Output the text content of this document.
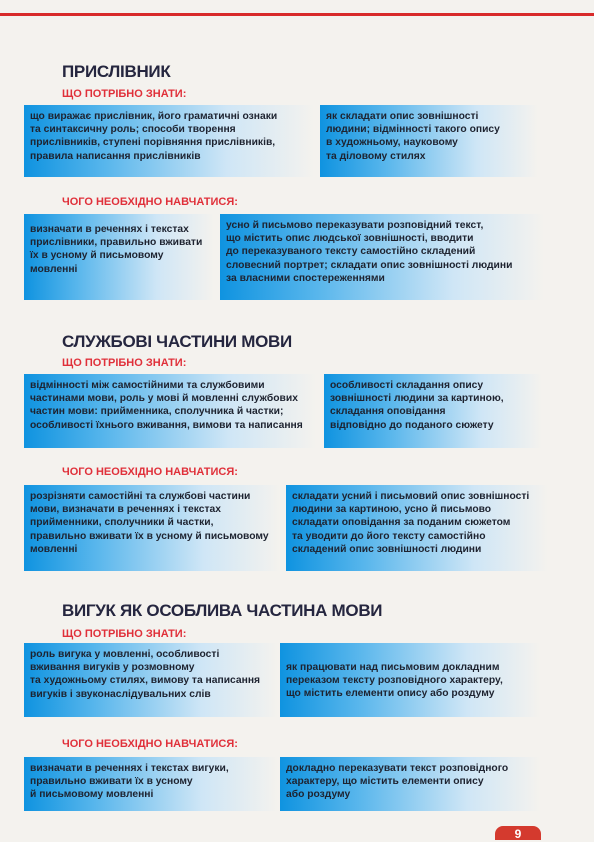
ПРИСЛІВНИК
ЩО ПОТРІБНО ЗНАТИ:
що виражає прислівник, його граматичні ознаки
та синтаксичну роль; способи творення
прислівників, ступені порівняння прислівників,
правила написання прислівників
як складати опис зовнішності
людини; відмінності такого опису
в художньому, науковому
та діловому стилях
ЧОГО НЕОБХІДНО НАВЧАТИСЯ:
визначати в реченнях і текстах
прислівники, правильно вживати
їх в усному й письмовому
мовленні
усно й письмово переказувати розповідний текст,
що містить опис людської зовнішності, вводити
до переказуваного тексту самостійно складений
словесний портрет; складати опис зовнішності людини
за власними спостереженнями
СЛУЖБОВІ ЧАСТИНИ МОВИ
ЩО ПОТРІБНО ЗНАТИ:
відмінності між самостійними та службовими
частинами мови, роль у мові й мовленні службових
частин мови: прийменника, сполучника й частки;
особливості їхнього вживання, вимови та написання
особливості складання опису
зовнішності людини за картиною,
складання оповідання
відповідно до поданого сюжету
ЧОГО НЕОБХІДНО НАВЧАТИСЯ:
розрізняти самостійні та службові частини
мови, визначати в реченнях і текстах
прийменники, сполучники й частки,
правильно вживати їх в усному й письмовому
мовленні
складати усний і письмовий опис зовнішності
людини за картиною, усно й письмово
складати оповідання за поданим сюжетом
та уводити до його тексту самостійно
складений опис зовнішності людини
ВИГУК ЯК ОСОБЛИВА ЧАСТИНА МОВИ
ЩО ПОТРІБНО ЗНАТИ:
роль вигука у мовленні, особливості
вживання вигуків у розмовному
та художньому стилях, вимову та написання
вигуків і звуконаслідувальних слів
як працювати над письмовим докладним
переказом тексту розповідного характеру,
що містить елементи опису або роздуму
ЧОГО НЕОБХІДНО НАВЧАТИСЯ:
визначати в реченнях і текстах вигуки,
правильно вживати їх в усному
й письмовому мовленні
докладно переказувати текст розповідного
характеру, що містить елементи опису
або роздуму
9
